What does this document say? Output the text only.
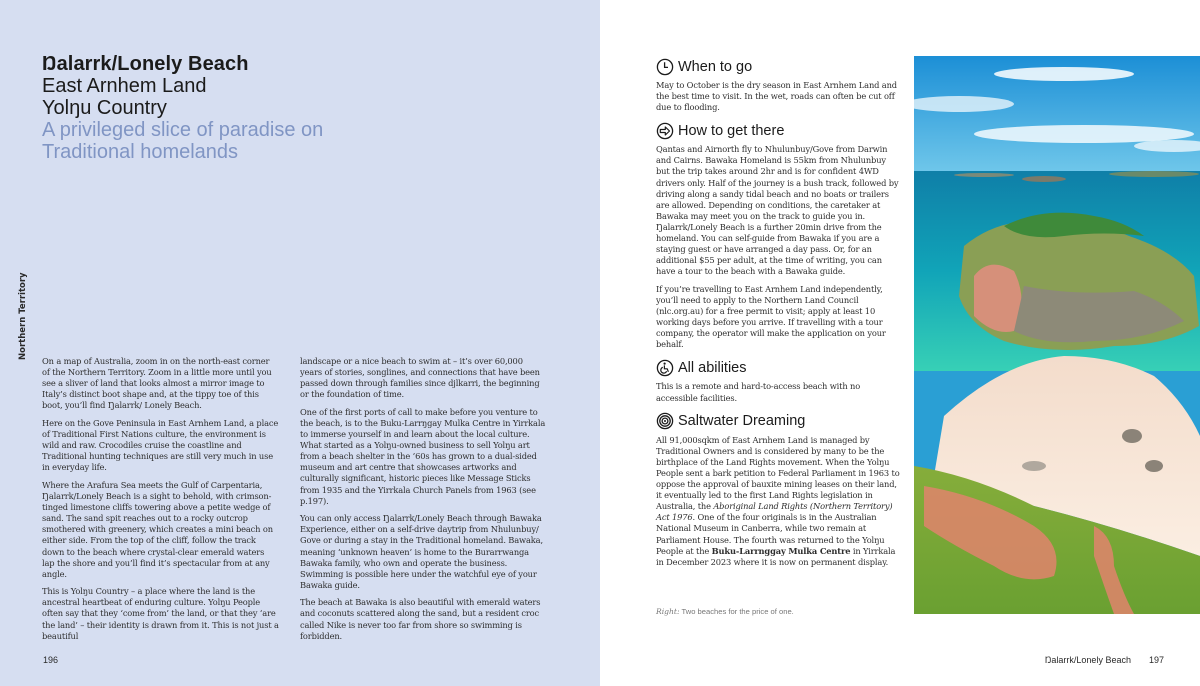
Ŋalarrk/Lonely Beach
East Arnhem Land
Yolŋu Country
A privileged slice of paradise on
Traditional homelands
Northern Territory

On a map of Australia, zoom in on the north-east corner of the Northern Territory. Zoom in a little more until you see a sliver of land that looks almost a mirror image to Italy’s distinct boot shape and, at the tippy toe of this boot, you’ll find Ŋalarrk/ Lonely Beach.

Here on the Gove Peninsula in East Arnhem Land, a place of Traditional First Nations culture, the environment is wild and raw. Crocodiles cruise the coastline and Traditional hunting techniques are still very much in use in everyday life.

Where the Arafura Sea meets the Gulf of Carpentaria, Ŋalarrk/Lonely Beach is a sight to behold, with crimson-tinged limestone cliffs towering above a petite wedge of sand. The sand spit reaches out to a rocky outcrop smothered with greenery, which creates a mini beach on either side. From the top of the cliff, follow the track down to the beach where crystal-clear emerald waters lap the shore and you’ll find it’s spectacular from at any angle.

This is Yolŋu Country – a place where the land is the ancestral heartbeat of enduring culture. Yolŋu People often say that they ‘come from’ the land, or that they ‘are the land’ – their identity is drawn from it. This is not just a beautiful

landscape or a nice beach to swim at – it’s over 60,000 years of stories, songlines, and connections that have been passed down through families since djlkarri, the beginning or the foundation of time.

One of the first ports of call to make before you venture to the beach, is to the Buku-Larrŋgay Mulka Centre in Yirrkala to immerse yourself in and learn about the local culture. What started as a Yolŋu-owned business to sell Yolŋu art from a beach shelter in the ’60s has grown to a dual-sided museum and art centre that showcases artworks and culturally significant, historic pieces like Message Sticks from 1935 and the Yirrkala Church Panels from 1963 (see p.197).

You can only access Ŋalarrk/Lonely Beach through Bawaka Experience, either on a self-drive daytrip from Nhulunbuy/ Gove or during a stay in the Traditional homeland. Bawaka, meaning ‘unknown heaven’ is home to the Burarrwanga Bawaka family, who own and operate the business. Swimming is possible here under the watchful eye of your Bawaka guide.

The beach at Bawaka is also beautiful with emerald waters and coconuts scattered along the sand, but a resident croc called Nike is never too far from shore so swimming is forbidden.

196
When to go

May to October is the dry season in East Arnhem Land and the best time to visit. In the wet, roads can often be cut off due to flooding.

How to get there

Qantas and Airnorth fly to Nhulunbuy/Gove from Darwin and Cairns. Bawaka Homeland is 55km from Nhulunbuy but the trip takes around 2hr and is for confident 4WD drivers only. Half of the journey is a bush track, followed by driving along a sandy tidal beach and no boats or trailers are allowed. Depending on conditions, the caretaker at Bawaka may meet you on the track to guide you in. Ŋalarrk/Lonely Beach is a further 20min drive from the homeland. You can self-guide from Bawaka if you are a staying guest or have arranged a day pass. Or, for an additional $55 per adult, at the time of writing, you can have a tour to the beach with a Bawaka guide.

If you’re travelling to East Arnhem Land independently, you’ll need to apply to the Northern Land Council (nlc.org.au) for a free permit to visit; apply at least 10 working days before you arrive. If travelling with a tour company, the operator will make the application on your behalf.

All abilities

This is a remote and hard-to-access beach with no accessible facilities.

Saltwater Dreaming

All 91,000sqkm of East Arnhem Land is managed by Traditional Owners and is considered by many to be the birthplace of the Land Rights movement. When the Yolŋu People sent a bark petition to Federal Parliament in 1963 to oppose the approval of bauxite mining leases on their land, it eventually led to the first Land Rights legislation in Australia, the Aboriginal Land Rights (Northern Territory) Act 1976. One of the four originals is in the Australian National Museum in Canberra, while two remain at Parliament House. The fourth was returned to the Yolŋu People at the Buku-Larrnggay Mulka Centre in Yirrkala in December 2023 where it is now on permanent display.

Right: Two beaches for the price of one.
Ŋalarrk/Lonely Beach 197
